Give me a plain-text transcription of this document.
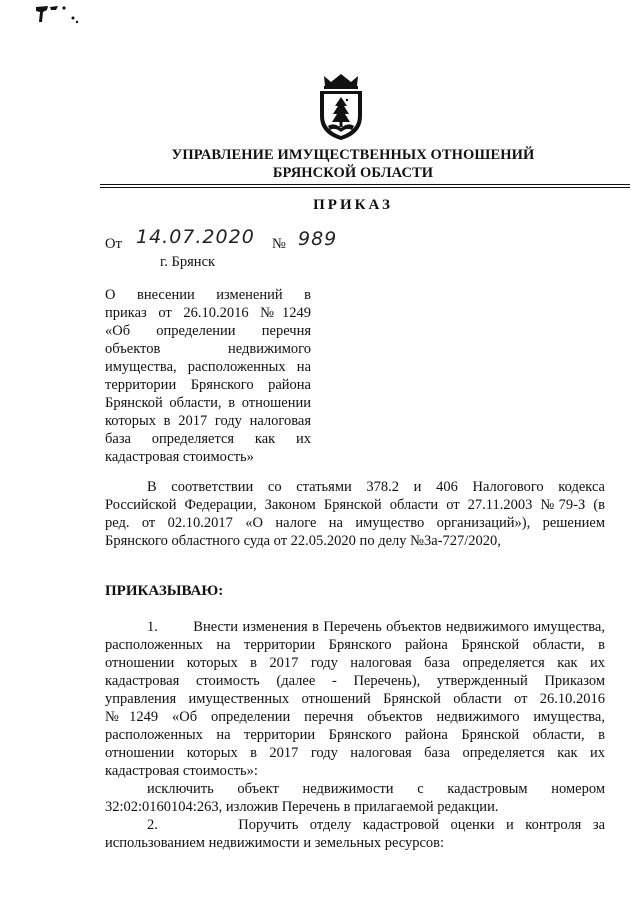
УПРАВЛЕНИЕ ИМУЩЕСТВЕННЫХ ОТНОШЕНИЙ
БРЯНСКОЙ ОБЛАСТИ
ПРИКАЗ
От 14.07.2020 № 989
г. Брянск
О внесении изменений в
приказ от 26.10.2016 №1249
«Об определении перечня
объектов недвижимого
имущества, расположенных на
территории Брянского района
Брянской области, в отношении
которых в 2017 году налоговая
база определяется как их
кадастровая стоимость»
В соответствии со статьями 378.2 и 406 Налогового кодекса
Российской Федерации, Законом Брянской области от 27.11.2003 №79-З (в
ред. от 02.10.2017 «О налоге на имущество организаций»), решением
Брянского областного суда от 22.05.2020 по делу №3а-727/2020,
ПРИКАЗЫВАЮ:
1.        Внести изменения в Перечень объектов недвижимого имущества,
расположенных на территории Брянского района Брянской области, в
отношении которых в 2017 году налоговая база определяется как их
кадастровая стоимость (далее - Перечень), утвержденный Приказом
управления имущественных отношений Брянской области от 26.10.2016
№1249 «Об определении перечня объектов недвижимого имущества,
расположенных на территории Брянского района Брянской области, в
отношении которых в 2017 году налоговая база определяется как их
кадастровая стоимость»:
исключить объект недвижимости с кадастровым номером
32:02:0160104:263, изложив Перечень в прилагаемой редакции.
2.       Поручить отделу кадастровой оценки и контроля за
использованием недвижимости и земельных ресурсов:
